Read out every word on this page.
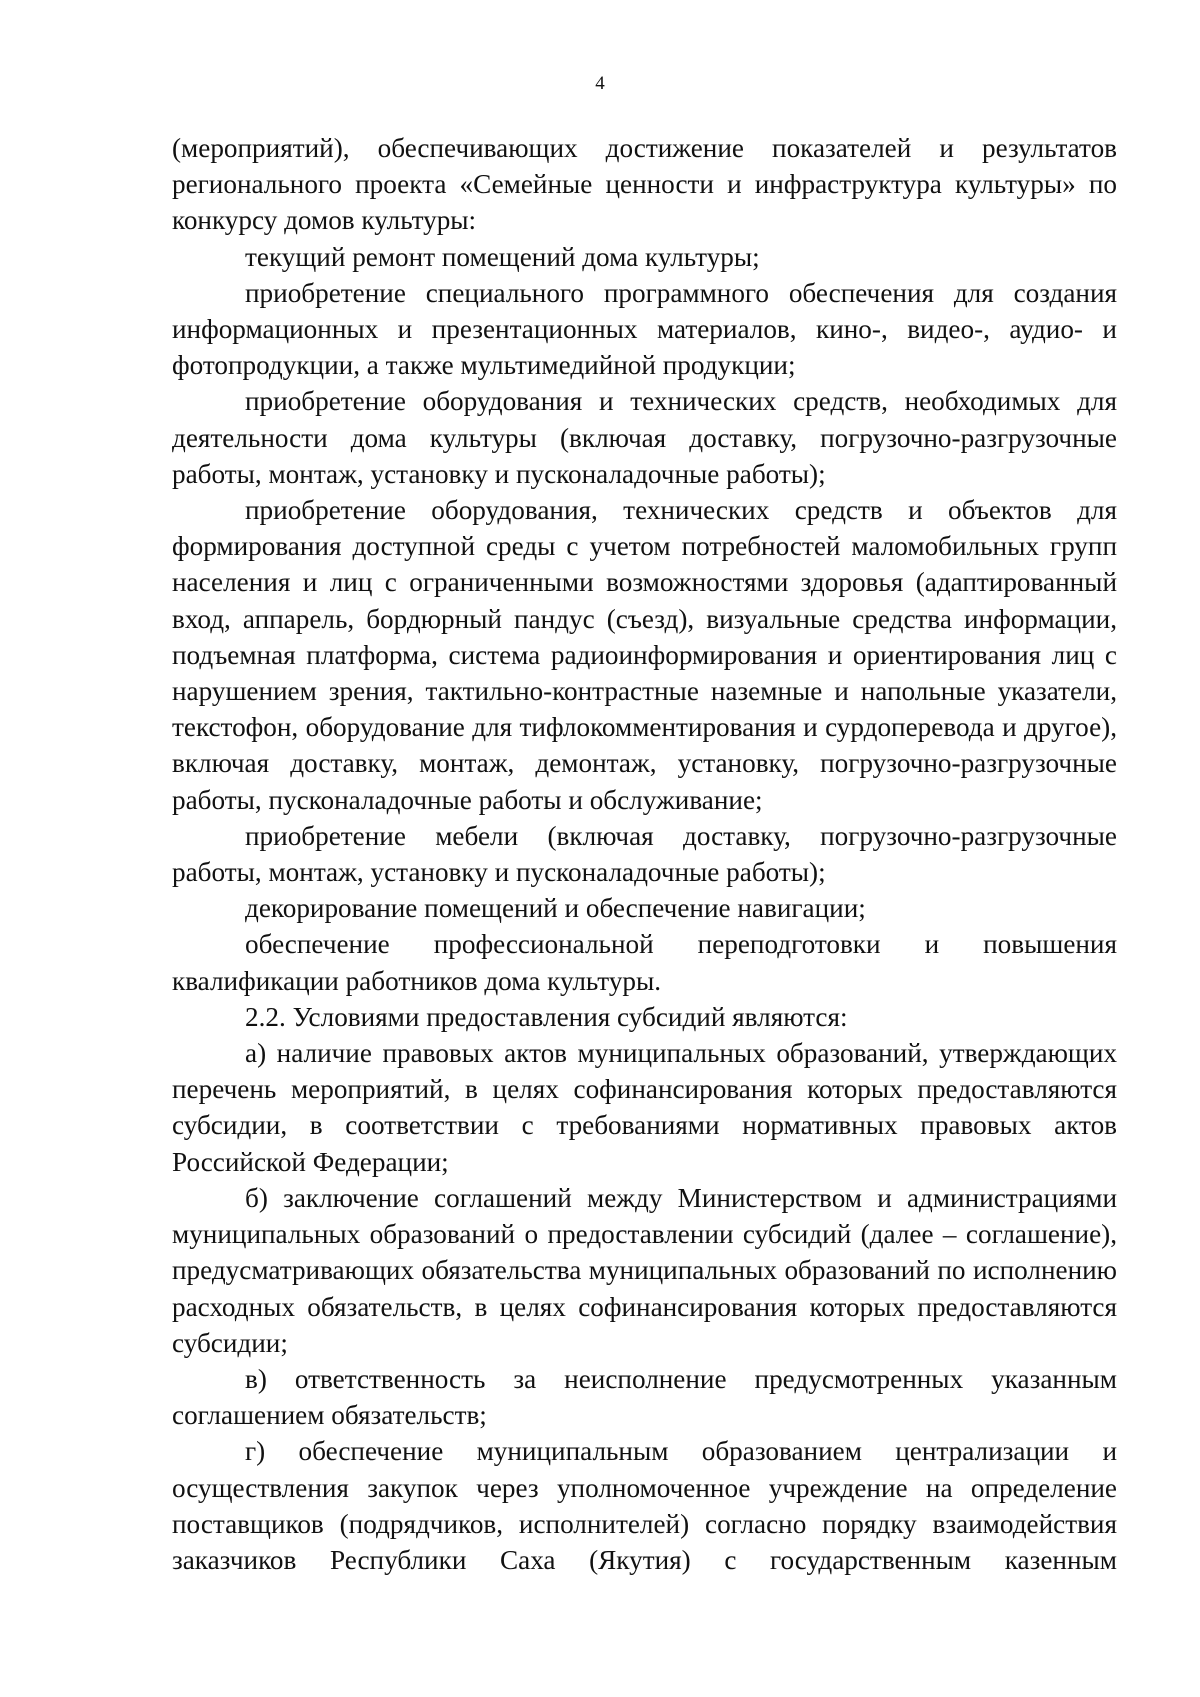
4

(мероприятий), обеспечивающих достижение показателей и результатов регионального проекта «Семейные ценности и инфраструктура культуры» по конкурсу домов культуры:

текущий ремонт помещений дома культуры;

приобретение специального программного обеспечения для создания информационных и презентационных материалов, кино-, видео-, аудио- и фотопродукции, а также мультимедийной продукции;

приобретение оборудования и технических средств, необходимых для деятельности дома культуры (включая доставку, погрузочно-разгрузочные работы, монтаж, установку и пусконаладочные работы);

приобретение оборудования, технических средств и объектов для формирования доступной среды с учетом потребностей маломобильных групп населения и лиц с ограниченными возможностями здоровья (адаптированный вход, аппарель, бордюрный пандус (съезд), визуальные средства информации, подъемная платформа, система радиоинформирования и ориентирования лиц с нарушением зрения, тактильно-контрастные наземные и напольные указатели, текстофон, оборудование для тифлокомментирования и сурдоперевода и другое), включая доставку, монтаж, демонтаж, установку, погрузочно-разгрузочные работы, пусконаладочные работы и обслуживание;

приобретение мебели (включая доставку, погрузочно-разгрузочные работы, монтаж, установку и пусконаладочные работы);

декорирование помещений и обеспечение навигации;

обеспечение профессиональной переподготовки и повышения квалификации работников дома культуры.

2.2. Условиями предоставления субсидий являются:

а) наличие правовых актов муниципальных образований, утверждающих перечень мероприятий, в целях софинансирования которых предоставляются субсидии, в соответствии с требованиями нормативных правовых актов Российской Федерации;

б) заключение соглашений между Министерством и администрациями муниципальных образований о предоставлении субсидий (далее – соглашение), предусматривающих обязательства муниципальных образований по исполнению расходных обязательств, в целях софинансирования которых предоставляются субсидии;

в) ответственность за неисполнение предусмотренных указанным соглашением обязательств;

г) обеспечение муниципальным образованием централизации и осуществления закупок через уполномоченное учреждение на определение поставщиков (подрядчиков, исполнителей) согласно порядку взаимодействия заказчиков Республики Саха (Якутия) с государственным казенным
